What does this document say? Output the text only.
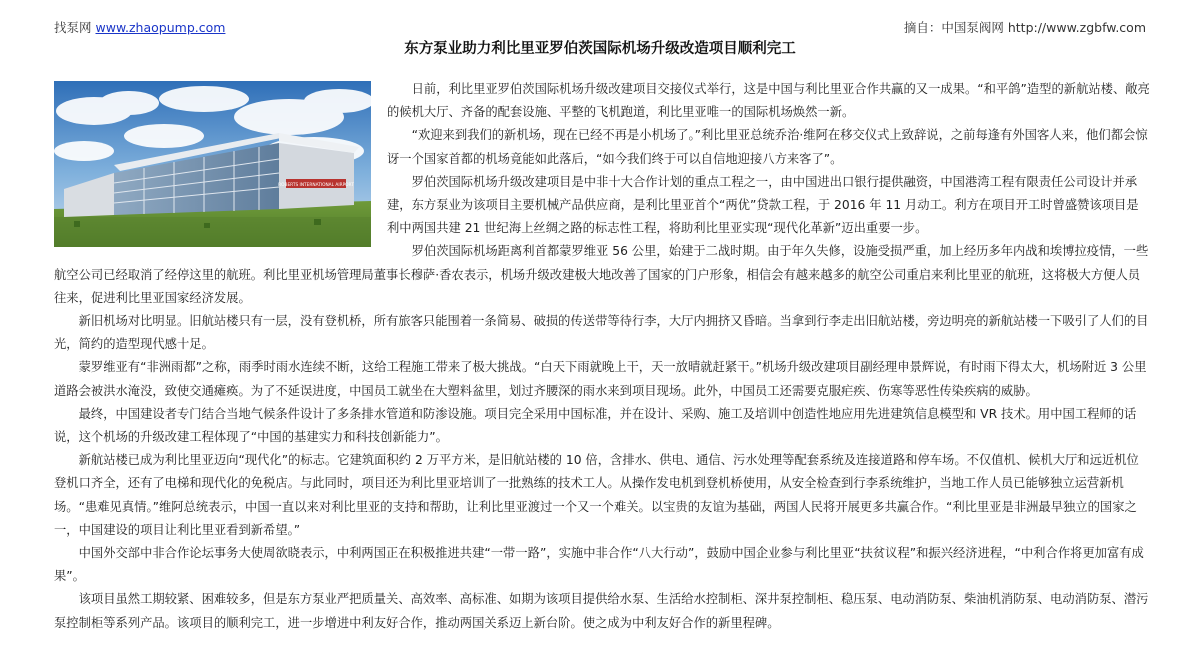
找泵网 www.zhaopump.com	摘自：中国泵阀网 http://www.zgbfw.com
东方泵业助力利比里亚罗伯茨国际机场升级改造项目顺利完工
ROBERTS INTERNATIONAL AIRPORT

日前，利比里亚罗伯茨国际机场升级改建项目交接仪式举行，这是中国与利比里亚合作共赢的又一成果。“和平鸽”造型的新航站楼、敞亮的候机大厅、齐备的配套设施、平整的飞机跑道，利比里亚唯一的国际机场焕然一新。

“欢迎来到我们的新机场，现在已经不再是小机场了。”利比里亚总统乔治·维阿在移交仪式上致辞说，之前每逢有外国客人来，他们都会惊讶一个国家首都的机场竟能如此落后，“如今我们终于可以自信地迎接八方来客了”。

罗伯茨国际机场升级改建项目是中非十大合作计划的重点工程之一，由中国进出口银行提供融资，中国港湾工程有限责任公司设计并承建，东方泵业为该项目主要机械产品供应商，是利比里亚首个“两优”贷款工程，于 2016 年 11 月动工。利方在项目开工时曾盛赞该项目是利中两国共建 21 世纪海上丝绸之路的标志性工程，将助利比里亚实现“现代化革新”迈出重要一步。

罗伯茨国际机场距离利首都蒙罗维亚 56 公里，始建于二战时期。由于年久失修，设施受损严重，加上经历多年内战和埃博拉疫情，一些航空公司已经取消了经停这里的航班。利比里亚机场管理局董事长穆萨·香农表示，机场升级改建极大地改善了国家的门户形象，相信会有越来越多的航空公司重启来利比里亚的航班，这将极大方便人员往来，促进利比里亚国家经济发展。

新旧机场对比明显。旧航站楼只有一层，没有登机桥，所有旅客只能围着一条简易、破损的传送带等待行李，大厅内拥挤又昏暗。当拿到行李走出旧航站楼，旁边明亮的新航站楼一下吸引了人们的目光，简约的造型现代感十足。

蒙罗维亚有“非洲雨都”之称，雨季时雨水连续不断，这给工程施工带来了极大挑战。“白天下雨就晚上干，天一放晴就赶紧干。”机场升级改建项目副经理申景辉说，有时雨下得太大，机场附近 3 公里道路会被洪水淹没，致使交通瘫痪。为了不延误进度，中国员工就坐在大塑料盆里，划过齐腰深的雨水来到项目现场。此外，中国员工还需要克服疟疾、伤寒等恶性传染疾病的威胁。

最终，中国建设者专门结合当地气候条件设计了多条排水管道和防渗设施。项目完全采用中国标准，并在设计、采购、施工及培训中创造性地应用先进建筑信息模型和 VR 技术。用中国工程师的话说，这个机场的升级改建工程体现了“中国的基建实力和科技创新能力”。

新航站楼已成为利比里亚迈向“现代化”的标志。它建筑面积约 2 万平方米，是旧航站楼的 10 倍，含排水、供电、通信、污水处理等配套系统及连接道路和停车场。不仅值机、候机大厅和远近机位登机口齐全，还有了电梯和现代化的免税店。与此同时，项目还为利比里亚培训了一批熟练的技术工人。从操作发电机到登机桥使用，从安全检查到行李系统维护，当地工作人员已能够独立运营新机场。“患难见真情。”维阿总统表示，中国一直以来对利比里亚的支持和帮助，让利比里亚渡过一个又一个难关。以宝贵的友谊为基础，两国人民将开展更多共赢合作。“利比里亚是非洲最早独立的国家之一，中国建设的项目让利比里亚看到新希望。”

中国外交部中非合作论坛事务大使周欲晓表示，中利两国正在积极推进共建“一带一路”，实施中非合作“八大行动”，鼓励中国企业参与利比里亚“扶贫议程”和振兴经济进程，“中利合作将更加富有成果”。

该项目虽然工期较紧、困难较多，但是东方泵业严把质量关、高效率、高标准、如期为该项目提供给水泵、生活给水控制柜、深井泵控制柜、稳压泵、电动消防泵、柴油机消防泵、电动消防泵、潜污泵控制柜等系列产品。该项目的顺利完工，进一步增进中利友好合作，推动两国关系迈上新台阶。使之成为中利友好合作的新里程碑。
